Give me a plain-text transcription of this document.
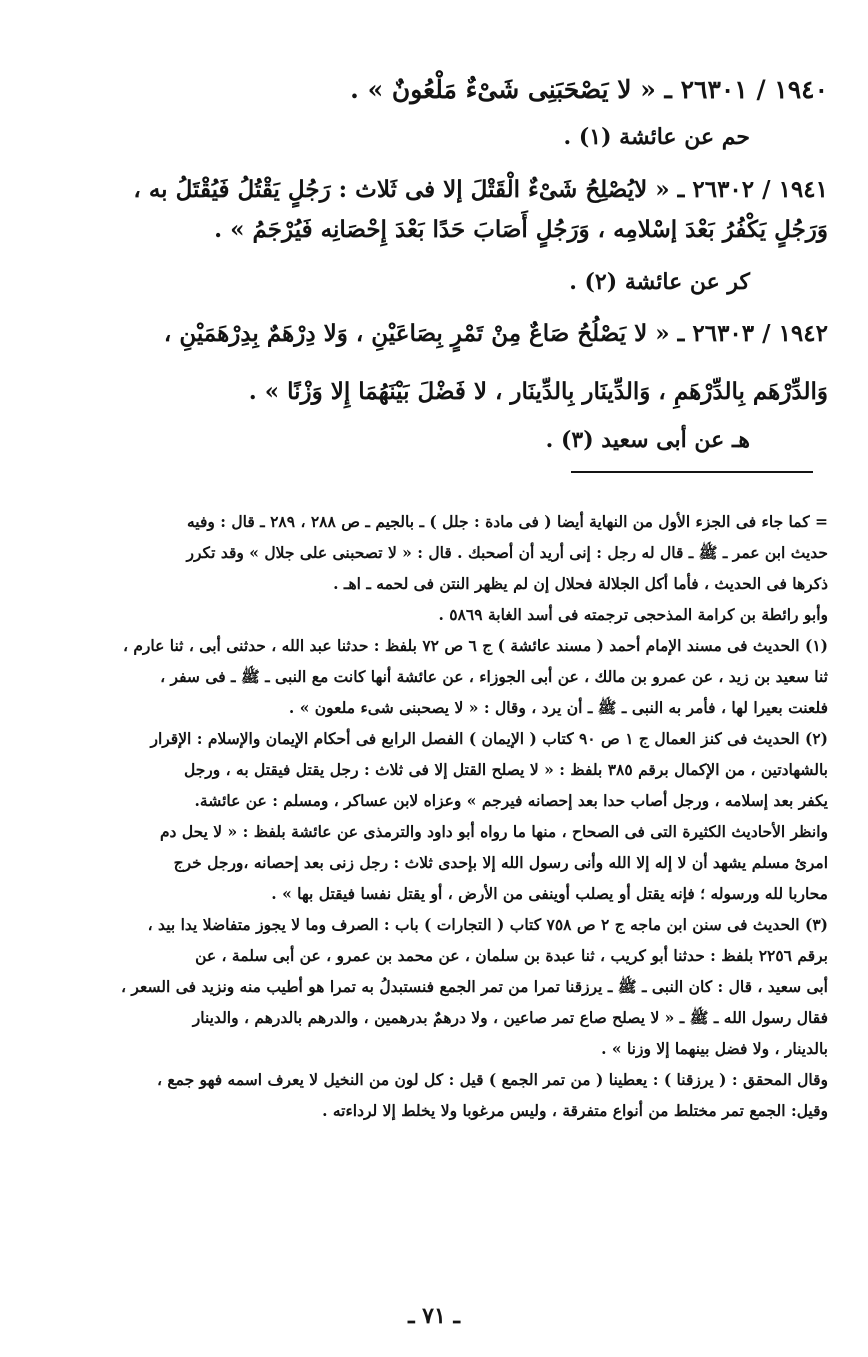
١٩٤٠ / ٢٦٣٠١ ـ « لا يَصْحَبَنِى شَىْءٌ مَلْعُونٌ » .
حم عن عائشة (١) .
١٩٤١ / ٢٦٣٠٢ ـ « لايُصْلِحُ شَىْءٌ الْقَتْلَ إلا فى ثَلاث : رَجُلٍ يَقْتُلُ فَيُقْتَلُ به ،
وَرَجُلٍ يَكْفُرُ بَعْدَ إسْلامِه ، وَرَجُلٍ أَصَابَ حَدًا بَعْدَ إِحْصَانِه فَيُرْجَمُ » .
كر عن عائشة (٢) .
١٩٤٢ / ٢٦٣٠٣ ـ « لا يَصْلُحُ صَاعٌ مِنْ تَمْرٍ بِصَاعَيْنِ ، وَلا دِرْهَمٌ بِدِرْهَمَيْنِ ،
وَالدِّرْهَم بِالدِّرْهَمِ ، وَالدِّينَار بِالدِّينَار ، لا فَضْلَ بَيْنَهُمَا إِلا وَزْنًا » .
هـ عن أبى سعيد (٣) .
= كما جاء فى الجزء الأول من النهاية أيضا ( فى مادة : جلل ) ـ بالجيم ـ ص ٢٨٨ ، ٢٨٩ ـ قال : وفيه
حديث ابن عمر ـ ﷺ ـ قال له رجل : إنى أريد أن أصحبك . قال : « لا تصحبنى على جلال » وقد تكرر
ذكرها فى الحديث ، فأما أكل الجلالة فحلال إن لم يظهر النتن فى لحمه ـ اهـ .
وأبو رائطة بن كرامة المذحجى ترجمته فى أسد الغابة ٥٨٦٩ .
(١) الحديث فى مسند الإمام أحمد ( مسند عائشة ) ج ٦ ص ٧٢ بلفظ : حدثنا عبد الله ، حدثنى أبى ، ثنا عارم ،
ثنا سعيد بن زيد ، عن عمرو بن مالك ، عن أبى الجوزاء ، عن عائشة أنها كانت مع النبى ـ ﷺ ـ فى سفر ،
فلعنت بعيرا لها ، فأمر به النبى ـ ﷺ ـ أن يرد ، وقال : « لا يصحبنى شىء ملعون » .
(٢) الحديث فى كنز العمال ج ١ ص ٩٠ كتاب ( الإيمان ) الفصل الرابع فى أحكام الإيمان والإسلام : الإقرار
بالشهادتين ، من الإكمال برقم ٣٨٥ بلفظ : « لا يصلح القتل إلا فى ثلاث : رجل يقتل فيقتل به ، ورجل
يكفر بعد إسلامه ، ورجل أصاب حدا بعد إحصانه فيرجم » وعزاه لابن عساكر ، ومسلم : عن عائشة.
وانظر الأحاديث الكثيرة التى فى الصحاح ، منها ما رواه أبو داود والترمذى عن عائشة بلفظ : « لا يحل دم
امرئ مسلم يشهد أن لا إله إلا الله وأنى رسول الله إلا بإحدى ثلاث : رجل زنى بعد إحصانه ،ورجل خرج
محاربا لله ورسوله ؛ فإنه يقتل أو يصلب أوينفى من الأرض ، أو يقتل نفسا فيقتل بها » .
(٣) الحديث فى سنن ابن ماجه ج ٢ ص ٧٥٨ كتاب ( التجارات ) باب : الصرف وما لا يجوز متفاضلا يدا بيد ،
برقم ٢٢٥٦ بلفظ : حدثنا أبو كريب ، ثنا عبدة بن سلمان ، عن محمد بن عمرو ، عن أبى سلمة ، عن
أبى سعيد ، قال : كان النبى ـ ﷺ ـ يرزقنا تمرا من تمر الجمع فنستبدلُ به تمرا هو أطيب منه ونزيد فى السعر ،
فقال رسول الله ـ ﷺ ـ « لا يصلح صاع تمر صاعين ، ولا درهمٌ بدرهمين ، والدرهم بالدرهم ، والدينار
بالدينار ، ولا فضل بينهما إلا وزنا » .
وقال المحقق : ( يرزقنا ) : يعطينا ( من تمر الجمع ) قيل : كل لون من النخيل لا يعرف اسمه فهو جمع ،
وقيل: الجمع تمر مختلط من أنواع متفرقة ، وليس مرغوبا ولا يخلط إلا لرداءته .
ـ ٧١ ـ
